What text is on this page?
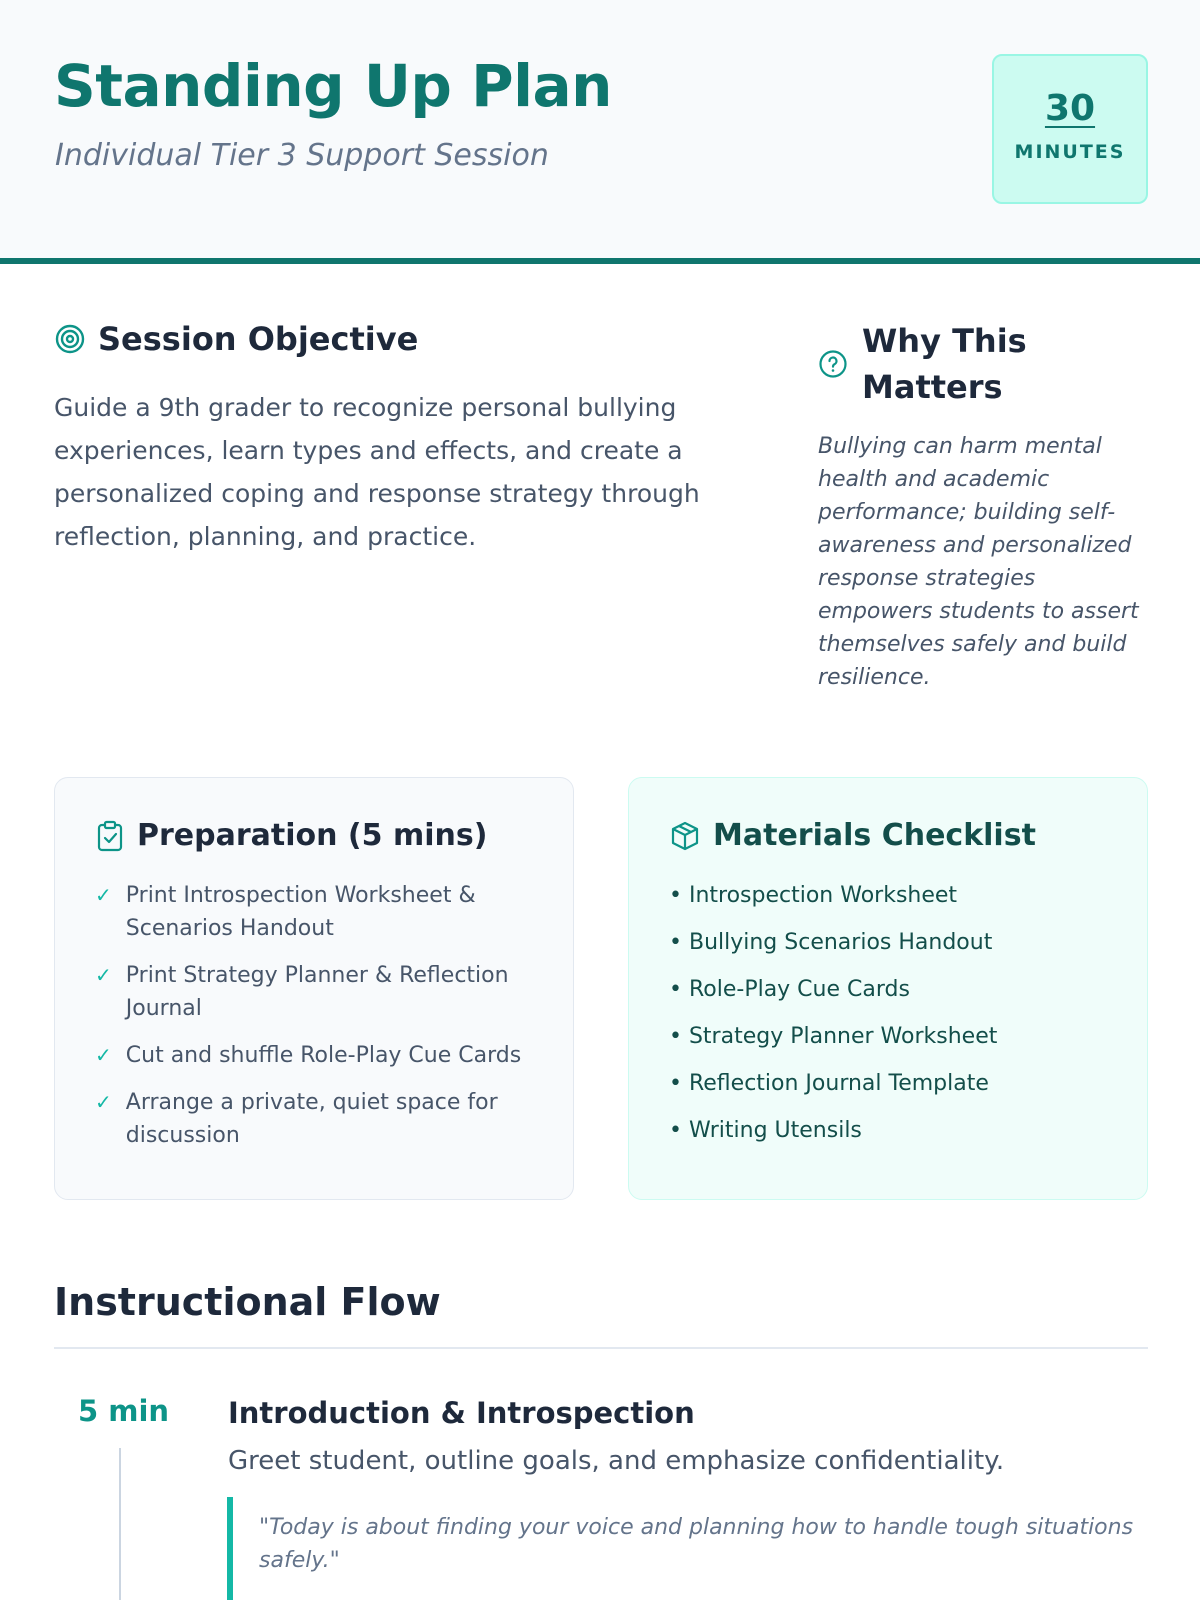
Standing Up Plan

Individual Tier 3 Support Session

30
MINUTES
Session Objective

Guide a 9th grader to recognize personal bullying experiences, learn types and effects, and create a personalized coping and response strategy through reflection, planning, and practice.

Why This Matters

Bullying can harm mental health and academic performance; building self-awareness and personalized response strategies empowers students to assert themselves safely and build resilience.

Preparation (5 mins)
✓ Print Introspection Worksheet & Scenarios Handout
✓ Print Strategy Planner & Reflection Journal
✓ Cut and shuffle Role-Play Cue Cards
✓ Arrange a private, quiet space for discussion
Materials Checklist
• Introspection Worksheet
• Bullying Scenarios Handout
• Role-Play Cue Cards
• Strategy Planner Worksheet
• Reflection Journal Template
• Writing Utensils
Instructional Flow
5 min Introduction & Introspection
Greet student, outline goals, and emphasize confidentiality.
"Today is about finding your voice and planning how to handle tough situations safely."
